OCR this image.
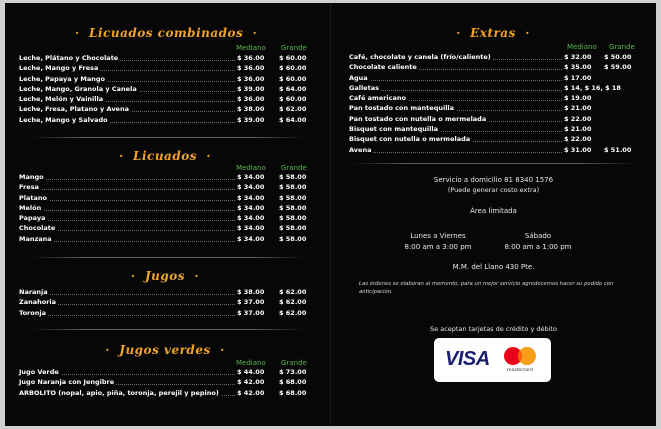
· Licuados combinados ·
Mediano Grande
Leche, Plátano y Chocolate	$ 36.00 $ 60.00
Leche, Mango y Fresa	$ 36.00 $ 60.00
Leche, Papaya y Mango	$ 36.00 $ 60.00
Leche, Mango, Granola y Canela	$ 39.00 $ 64.00
Leche, Melón y Vainilla	$ 36.00 $ 60.00
Leche, Fresa, Platano y Avena	$ 38.00 $ 62.00
Leche, Mango y Salvado	$ 39.00 $ 64.00
· Licuados ·
Mediano Grande
Mango	$ 34.00 $ 58.00
Fresa	$ 34.00 $ 58.00
Platano	$ 34.00 $ 58.00
Melón	$ 34.00 $ 58.00
Papaya	$ 34.00 $ 58.00
Chocolate	$ 34.00 $ 58.00
Manzana	$ 34.00 $ 58.00
· Jugos ·
Naranja	$ 38.00 $ 62.00
Zanahoria	$ 37.00 $ 62.00
Toronja	$ 37.00 $ 62.00
· Jugos verdes ·
Mediano Grande
Jugo Verde	$ 44.00 $ 73.00
Jugo Naranja con Jengibre	$ 42.00 $ 68.00
ARBOLITO (nopal, apio, piña, toronja, perejil y pepino)	$ 42.00 $ 68.00
· Extras ·
Mediano Grande
Café, chocolate y canela (frío/caliente)	$ 32.00 $ 50.00
Chocolate caliente	$ 35.00 $ 59.00
Agua	$ 17.00
Galletas	$ 14, $ 16, $ 18
Café americano	$ 19.00
Pan tostado con mantequilla	$ 21.00
Pan tostado con nutella o mermelada	$ 22.00
Bisquet con mantequilla	$ 21.00
Bisquet con nutella o mermelada	$ 22.00
Avena	$ 31.00 $ 51.00
Servicio a domicilio 81 8340 1576
(Puede generar costo extra)
Área limitada
Lunes a Viernes
8:00 am a 3:00 pm
Sábado
8:00 am a 1:00 pm
M.M. del Llano 430 Pte.
Las órdenes se elaboran al momento, para un mejor servicio agredecemos hacer su pedido con anticipación.
Se aceptan tarjetas de crédito y débito
VISA
mastercard
